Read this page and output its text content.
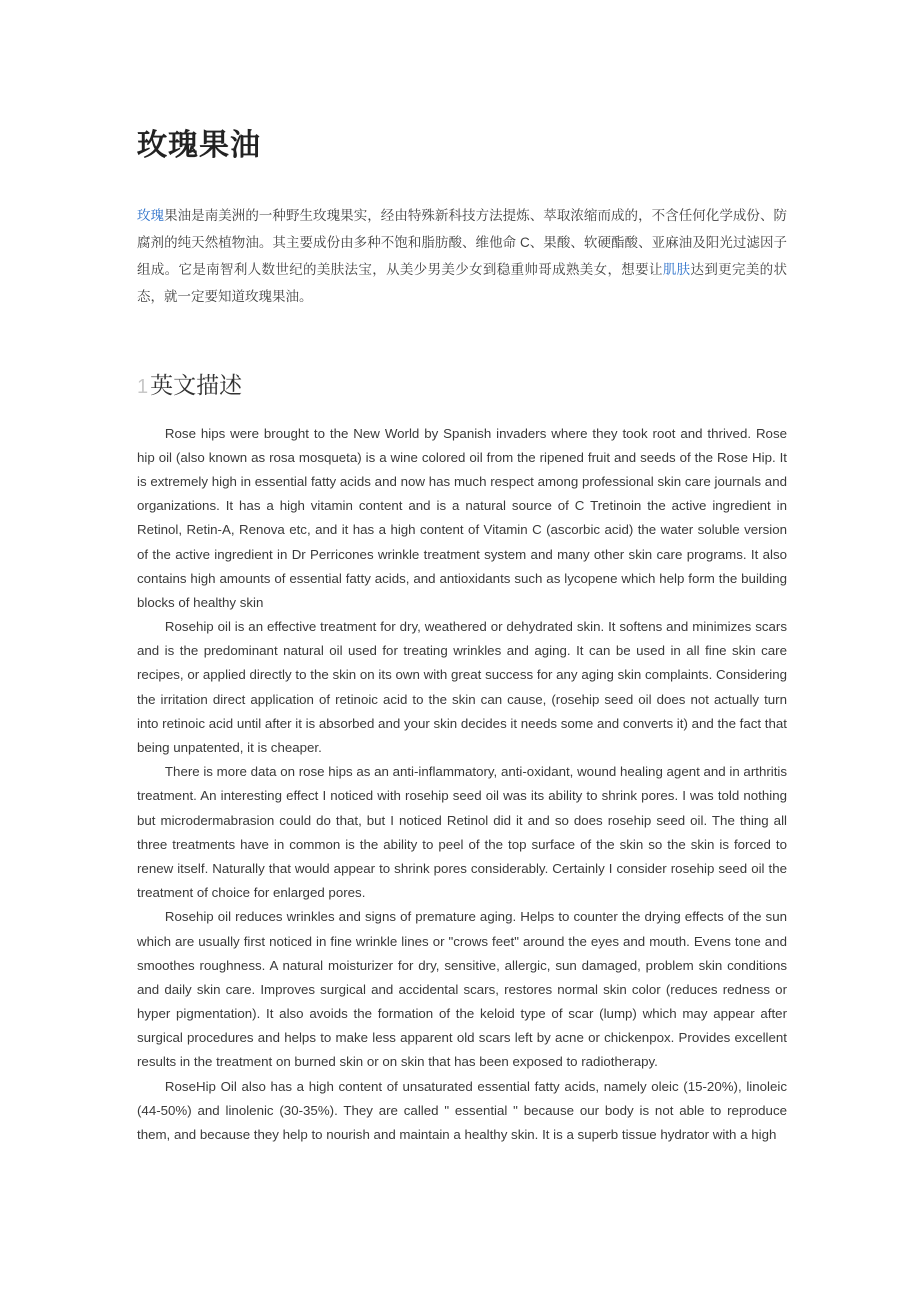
玫瑰果油

玫瑰果油是南美洲的一种野生玫瑰果实，经由特殊新科技方法提炼、萃取浓缩而成的，不含任何化学成份、防腐剂的纯天然植物油。其主要成份由多种不饱和脂肪酸、维他命 C、果酸、软硬酯酸、亚麻油及阳光过滤因子组成。它是南智利人数世纪的美肤法宝，从美少男美少女到稳重帅哥成熟美女，想要让肌肤达到更完美的状态，就一定要知道玫瑰果油。

1英文描述

Rose hips were brought to the New World by Spanish invaders where they took root and thrived. Rose hip oil (also known as rosa mosqueta) is a wine colored oil from the ripened fruit and seeds of the Rose Hip. It is extremely high in essential fatty acids and now has much respect among professional skin care journals and organizations. It has a high vitamin content and is a natural source of C Tretinoin the active ingredient in Retinol, Retin-A, Renova etc, and it has a high content of Vitamin C (ascorbic acid) the water soluble version of the active ingredient in Dr Perricones wrinkle treatment system and many other skin care programs. It also contains high amounts of essential fatty acids, and antioxidants such as lycopene which help form the building blocks of healthy skin

Rosehip oil is an effective treatment for dry, weathered or dehydrated skin. It softens and minimizes scars and is the predominant natural oil used for treating wrinkles and aging. It can be used in all fine skin care recipes, or applied directly to the skin on its own with great success for any aging skin complaints. Considering the irritation direct application of retinoic acid to the skin can cause, (rosehip seed oil does not actually turn into retinoic acid until after it is absorbed and your skin decides it needs some and converts it) and the fact that being unpatented, it is cheaper.

There is more data on rose hips as an anti-inflammatory, anti-oxidant, wound healing agent and in arthritis treatment. An interesting effect I noticed with rosehip seed oil was its ability to shrink pores. I was told nothing but microdermabrasion could do that, but I noticed Retinol did it and so does rosehip seed oil. The thing all three treatments have in common is the ability to peel of the top surface of the skin so the skin is forced to renew itself. Naturally that would appear to shrink pores considerably. Certainly I consider rosehip seed oil the treatment of choice for enlarged pores.

Rosehip oil reduces wrinkles and signs of premature aging. Helps to counter the drying effects of the sun which are usually first noticed in fine wrinkle lines or "crows feet" around the eyes and mouth. Evens tone and smoothes roughness. A natural moisturizer for dry, sensitive, allergic, sun damaged, problem skin conditions and daily skin care. Improves surgical and accidental scars, restores normal skin color (reduces redness or hyper pigmentation). It also avoids the formation of the keloid type of scar (lump) which may appear after surgical procedures and helps to make less apparent old scars left by acne or chickenpox. Provides excellent results in the treatment on burned skin or on skin that has been exposed to radiotherapy.

RoseHip Oil also has a high content of unsaturated essential fatty acids, namely oleic (15-20%), linoleic (44-50%) and linolenic (30-35%). They are called " essential " because our body is not able to reproduce them, and because they help to nourish and maintain a healthy skin. It is a superb tissue hydrator with a high
